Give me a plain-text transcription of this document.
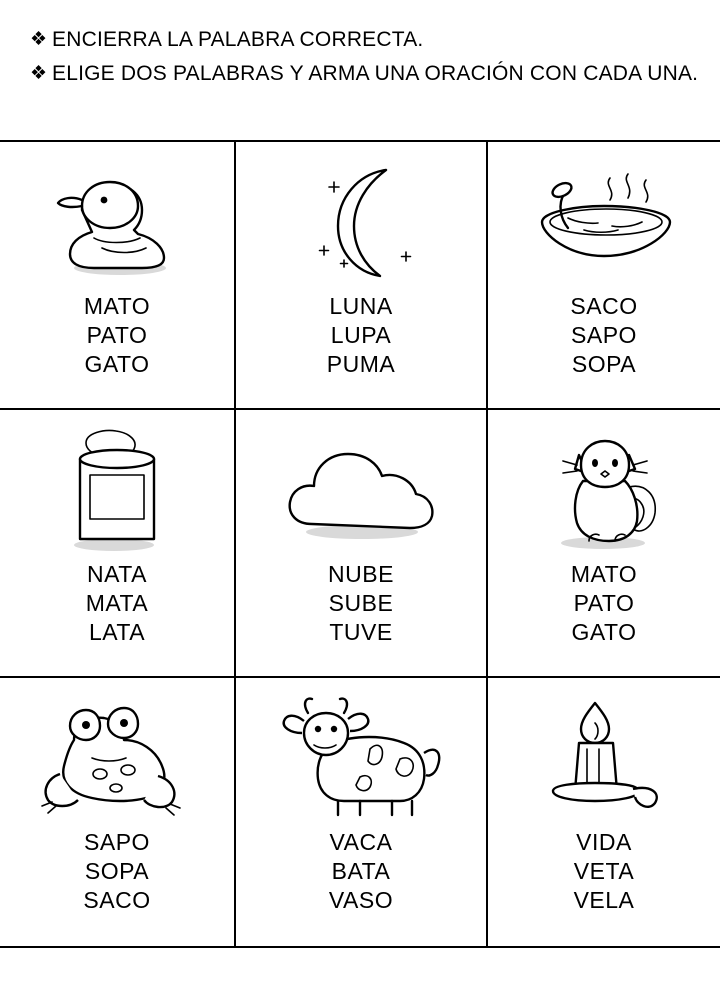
❖ ENCIERRA LA PALABRA CORRECTA.
❖ ELIGE DOS PALABRAS Y ARMA UNA ORACIÓN CON CADA UNA.
MATO
PATO
GATO
LUNA
LUPA
PUMA
SACO
SAPO
SOPA
NATA
MATA
LATA
NUBE
SUBE
TUVE
MATO
PATO
GATO
SAPO
SOPA
SACO
VACA
BATA
VASO
VIDA
VETA
VELA
